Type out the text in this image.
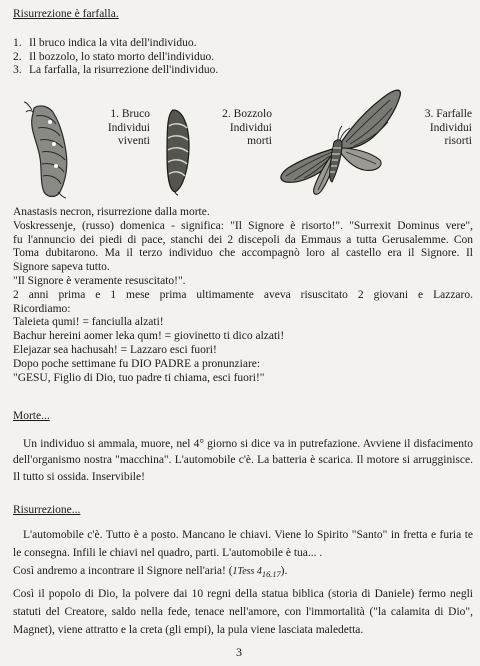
Risurrezione è farfalla.
1. Il bruco indica la vita dell'individuo.
2. Il bozzolo, lo stato morto dell'individuo.
3. La farfalla, la risurrezione dell'individuo.
1. Bruco
Individui
viventi
2. Bozzolo
Individui
morti
3. Farfalle
Individui
risorti
Anastasis necron, risurrezione dalla morte.
Voskressenje, (russo) domenica - significa: "Il Signore è risorto!". "Surrexit Dominus vere",
fu l'annuncio dei piedi di pace, stanchi dei 2 discepoli da Emmaus a tutta Gerusalemme. Con
Toma dubitarono. Ma il terzo individuo che accompagnò loro al castello era il Signore. Il
Signore sapeva tutto.
"Il Signore è veramente resuscitato!".
2 anni prima e 1 mese prima ultimamente aveva risuscitato 2 giovani e Lazzaro.
Ricordiamo:
Taleieta qumi! = fanciulla alzati!
Bachur hereini aomer leka qum! = giovinetto ti dico alzati!
Elejazar sea hachusah! = Lazzaro esci fuori!
Dopo poche settimane fu DIO PADRE a pronunziare:
"GESU, Figlio di Dio, tuo padre ti chiama, esci fuori!"
Morte...
Un individuo si ammala, muore, nel 4° giorno si dice va in putrefazione. Avviene il disfacimento dell'organismo nostra "macchina". L'automobile c'è. La batteria è scarica. Il motore si arrugginisce. Il tutto si ossida. Inservibile!
Risurrezione...
L'automobile c'è. Tutto è a posto. Mancano le chiavi. Viene lo Spirito "Santo" in fretta e furia te le consegna. Infili le chiavi nel quadro, parti. L'automobile è tua... .
Così andremo a incontrare il Signore nell'aria! (1Tess $4_{16.17}$).
Così il popolo di Dio, la polvere dai 10 regni della statua biblica (storia di Daniele) fermo negli statuti del Creatore, saldo nella fede, tenace nell'amore, con l'immortalità ("la calamita di Dio", Magnet), viene attratto e la creta (gli empi), la pula viene lasciata maledetta.
3
